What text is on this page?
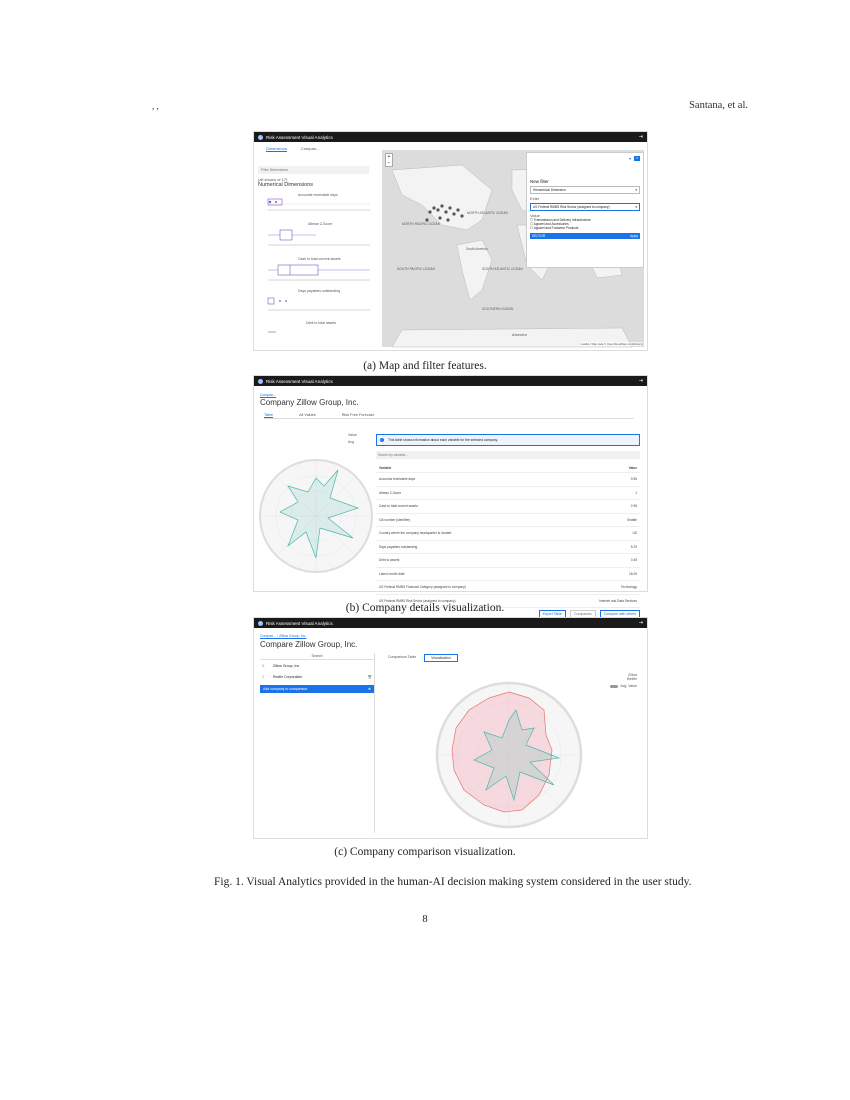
, ,	Santana, et al.
Risk Assessment Visual Analytics	⇥
Dimensions	Compan...
Filter Dimensions
(all shown of 17)
Numerical Dimensions
Accounts receivable days
Altman Z-Score
Cash to total current assets
Days payables outstanding
Debt to total assets
NORTH PACIFIC OCEAN
NORTH ATLANTIC OCEAN
SOUTH PACIFIC OCEAN	SOUTH ATLANTIC OCEAN
SOUTHERN OCEAN
South America
Antarctica
+
−
Leaflet | Map data © OpenStreetMap contributors
▾	×
New filter
Hierarchical Dimension	▾
Exter
US Federal RMBS Risk Sector (assigned to company)	▾
Value
☐ Transmission and Delivery Infrastructure
☐ Apparel and Accessories
☐ Apparel and Footwear Products
SECTOR	Apply
(a) Map and filter features.
Risk Assessment Visual Analytics	⇥
Compan...
Company Zillow Group, Inc.
Table	All Values	Risk Free Forecast
Value
Avg	i	This table shows information about each variable for the selected company.
Search by variable...
Variable	Value
Accounts receivable days	9.55
Altman Z-Score	1
Cash to total current assets	2.96
Cik number (identifier)	Seattle
Country where the company headquarter is located	US
Days payables outstanding	5.29
Debt to assets	0.45
Latest month date	18.09
US Federal RMBS Financial Category (assigned to company)	Technology
US Federal RMBS Risk Sector (assigned to company)	Internet and Data Services
Export Table	Companies	Compare with others
(b) Company details visualization.
Risk Assessment Visual Analytics	⇥
Compan... / Zillow Group, Inc.
Compare Zillow Group, Inc.
Search
1. Zillow Group, Inc.
2. Redfin Corporation	🗑
Add company to comparison	⊕
Comparison Table	Visualization
Zillow
Redfin
Avg. Value
(c) Company comparison visualization.
Fig. 1. Visual Analytics provided in the human-AI decision making system considered in the user study.
8
